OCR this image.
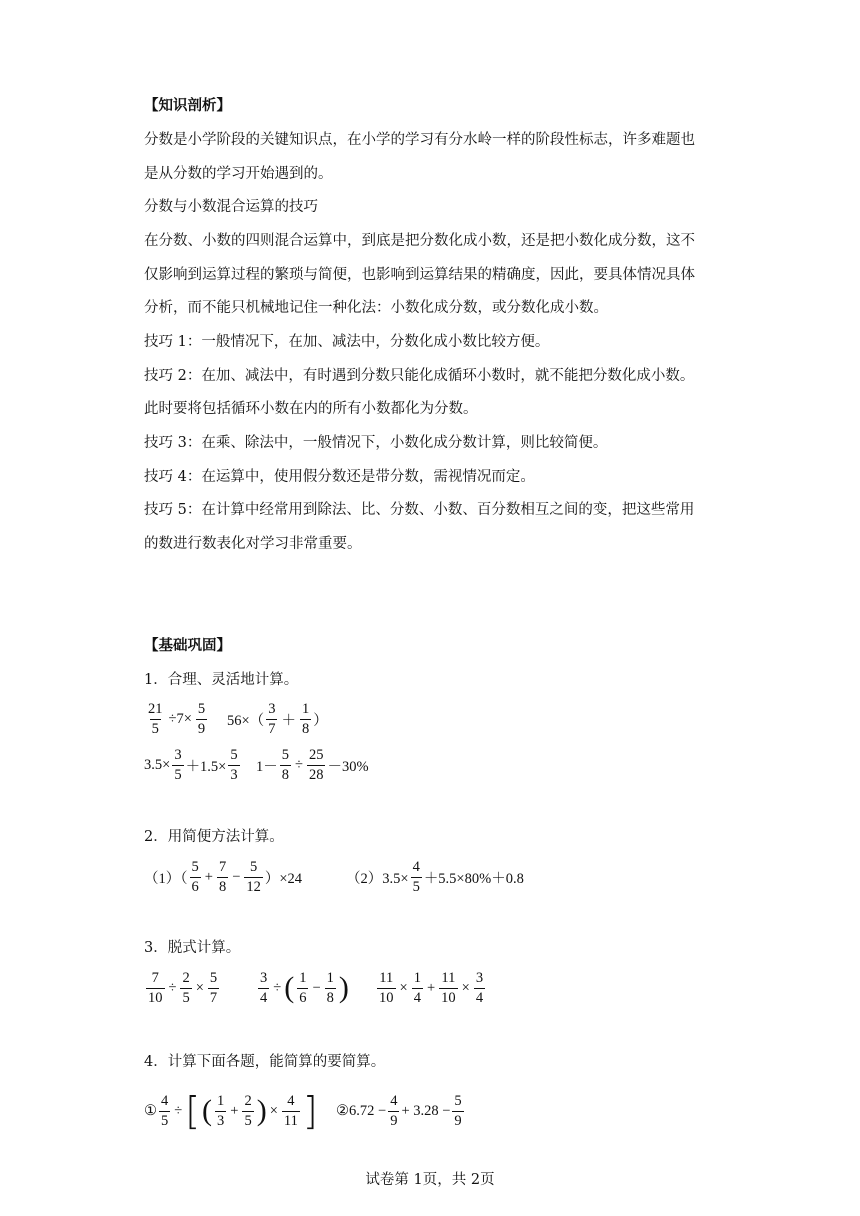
【知识剖析】
分数是小学阶段的关键知识点，在小学的学习有分水岭一样的阶段性标志，许多难题也
是从分数的学习开始遇到的。
分数与小数混合运算的技巧
在分数、小数的四则混合运算中，到底是把分数化成小数，还是把小数化成分数，这不
仅影响到运算过程的繁琐与简便，也影响到运算结果的精确度，因此，要具体情况具体
分析，而不能只机械地记住一种化法：小数化成分数，或分数化成小数。
技巧 1：一般情况下，在加、减法中，分数化成小数比较方便。
技巧 2：在加、减法中，有时遇到分数只能化成循环小数时，就不能把分数化成小数。
此时要将包括循环小数在内的所有小数都化为分数。
技巧 3：在乘、除法中，一般情况下，小数化成分数计算，则比较简便。
技巧 4：在运算中，使用假分数还是带分数，需视情况而定。
技巧 5：在计算中经常用到除法、比、分数、小数、百分数相互之间的变，把这些常用
的数进行数表化对学习非常重要。
【基础巩固】
1．合理、灵活地计算。
$\frac{21}{5} \div 7\times \frac{5}{9} 56\times( \frac{3}{7} + \frac{1}{8}$ ）
$3.5\times \frac{3}{5} +1.5\times \frac{5}{3} 1- \frac{5}{8} \div \frac{25}{28} -30\%$
2．用简便方法计算。
$(1)( \frac{5}{6} + \frac{7}{8} - \frac{5}{12} )\times 24$	$(2)3.5\times \frac{4}{5} +5.5\times 80\%+0.8$
3．脱式计算。
$\frac{7}{10} \div \frac{2}{5} \times \frac{5}{7}$	$\frac{3}{4}$ ÷ ( $\frac{1}{6} - \frac{1}{8}$ ) $\frac{11}{10} \times \frac{1}{4} + \frac{11}{10} \times \frac{3}{4}$
4．计算下面各题，能简算的要简算。
① $\frac{4}{5}$ ÷ [ ( $\frac{1}{3} + \frac{2}{5}$ ) × $\frac{4}{11}$ ] ② $6.72 - \frac{4}{9} + 3.28 - \frac{5}{9}$
试卷第 1页，共 2页
